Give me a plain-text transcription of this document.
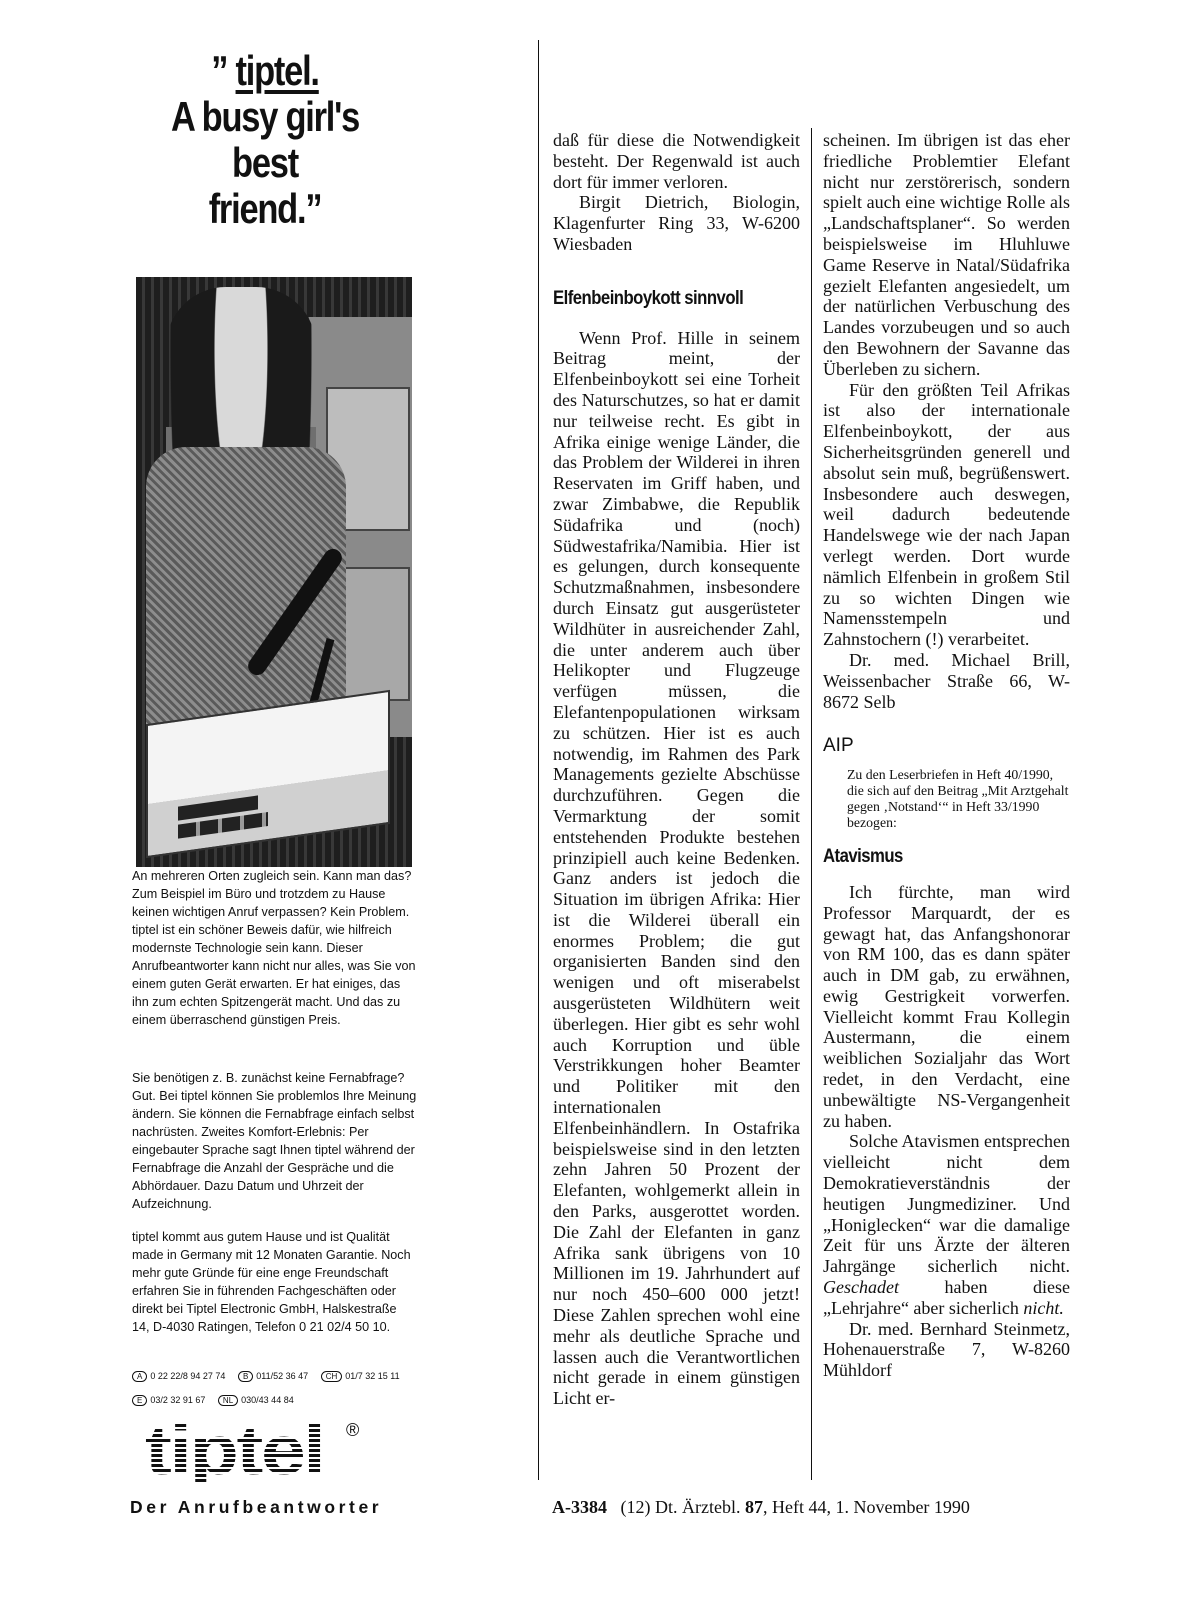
” tiptel.
A busy girl's
best
friend.”

An mehreren Orten zugleich sein. Kann man das? Zum Beispiel im Büro und trotzdem zu Hause keinen wichtigen Anruf verpassen? Kein Problem. tiptel ist ein schöner Beweis dafür, wie hilfreich modernste Technologie sein kann. Dieser Anrufbeantworter kann nicht nur alles, was Sie von einem guten Gerät erwarten. Er hat einiges, das ihn zum echten Spitzengerät macht. Und das zu einem überraschend günstigen Preis.

Sie benötigen z. B. zunächst keine Fernabfrage? Gut. Bei tiptel können Sie problemlos Ihre Meinung ändern. Sie können die Fernabfrage einfach selbst nachrüsten. Zweites Komfort-Erlebnis: Per eingebauter Sprache sagt Ihnen tiptel während der Fernabfrage die Anzahl der Gespräche und die Abhördauer. Dazu Datum und Uhrzeit der Aufzeichnung.

tiptel kommt aus gutem Hause und ist Qualität made in Germany mit 12 Monaten Garantie. Noch mehr gute Gründe für eine enge Freundschaft erfahren Sie in führenden Fachgeschäften oder direkt bei Tiptel Electronic GmbH, Halskestraße 14, D-4030 Ratingen, Telefon 0 21 02/4 50 10.

A 0 22 22/8 94 27 74 B 011/52 36 47 CH 01/7 32 15 11
E 03/2 32 91 67 NL 030/43 44 84
tiptel	®
Der Anrufbeantworter

daß für diese die Notwendigkeit besteht. Der Regenwald ist auch dort für immer verloren.

Birgit Dietrich, Biologin, Klagenfurter Ring 33, W-6200 Wiesbaden

Elfenbeinboykott sinnvoll

Wenn Prof. Hille in seinem Beitrag meint, der Elfenbeinboykott sei eine Torheit des Naturschutzes, so hat er damit nur teilweise recht. Es gibt in Afrika einige wenige Länder, die das Problem der Wilderei in ihren Reservaten im Griff haben, und zwar Zimbabwe, die Republik Südafrika und (noch) Südwestafrika/Namibia. Hier ist es gelungen, durch konsequente Schutzmaßnahmen, insbesondere durch Einsatz gut ausgerüsteter Wildhüter in ausreichender Zahl, die unter anderem auch über Helikopter und Flugzeuge verfügen müssen, die Elefantenpopulationen wirksam zu schützen. Hier ist es auch notwendig, im Rahmen des Park Managements gezielte Abschüsse durchzuführen. Gegen die Vermarktung der somit entstehenden Produkte bestehen prinzipiell auch keine Bedenken. Ganz anders ist jedoch die Situation im übrigen Afrika: Hier ist die Wilderei überall ein enormes Problem; die gut organisierten Banden sind den wenigen und oft miserabelst ausgerüsteten Wildhütern weit überlegen. Hier gibt es sehr wohl auch Korruption und üble Verstrikkungen hoher Beamter und Politiker mit den internationalen Elfenbeinhändlern. In Ostafrika beispielsweise sind in den letzten zehn Jahren 50 Prozent der Elefanten, wohlgemerkt allein in den Parks, ausgerottet worden. Die Zahl der Elefanten in ganz Afrika sank übrigens von 10 Millionen im 19. Jahrhundert auf nur noch 450–600 000 jetzt! Diese Zahlen sprechen wohl eine mehr als deutliche Sprache und lassen auch die Verantwortlichen nicht gerade in einem günstigen Licht er-

scheinen. Im übrigen ist das eher friedliche Problemtier Elefant nicht nur zerstörerisch, sondern spielt auch eine wichtige Rolle als „Landschaftsplaner“. So werden beispielsweise im Hluhluwe Game Reserve in Natal/Südafrika gezielt Elefanten angesiedelt, um der natürlichen Verbuschung des Landes vorzubeugen und so auch den Bewohnern der Savanne das Überleben zu sichern.

Für den größten Teil Afrikas ist also der internationale Elfenbeinboykott, der aus Sicherheitsgründen generell und absolut sein muß, begrüßenswert. Insbesondere auch deswegen, weil dadurch bedeutende Handelswege wie der nach Japan verlegt werden. Dort wurde nämlich Elfenbein in großem Stil zu so wichten Dingen wie Namensstempeln und Zahnstochern (!) verarbeitet.

Dr. med. Michael Brill, Weissenbacher Straße 66, W-8672 Selb

AIP

Zu den Leserbriefen in Heft 40/1990, die sich auf den Beitrag „Mit Arztgehalt gegen ‚Notstand‘“ in Heft 33/1990 bezogen:

Atavismus

Ich fürchte, man wird Professor Marquardt, der es gewagt hat, das Anfangshonorar von RM 100, das es dann später auch in DM gab, zu erwähnen, ewig Gestrigkeit vorwerfen. Vielleicht kommt Frau Kollegin Austermann, die einem weiblichen Sozialjahr das Wort redet, in den Verdacht, eine unbewältigte NS-Vergangenheit zu haben.

Solche Atavismen entsprechen vielleicht nicht dem Demokratieverständnis der heutigen Jungmediziner. Und „Honiglecken“ war die damalige Zeit für uns Ärzte der älteren Jahrgänge sicherlich nicht. Geschadet haben diese „Lehrjahre“ aber sicherlich nicht.

Dr. med. Bernhard Steinmetz, Hohenauerstraße 7, W-8260 Mühldorf

A-3384 (12) Dt. Ärztebl. 87, Heft 44, 1. November 1990
